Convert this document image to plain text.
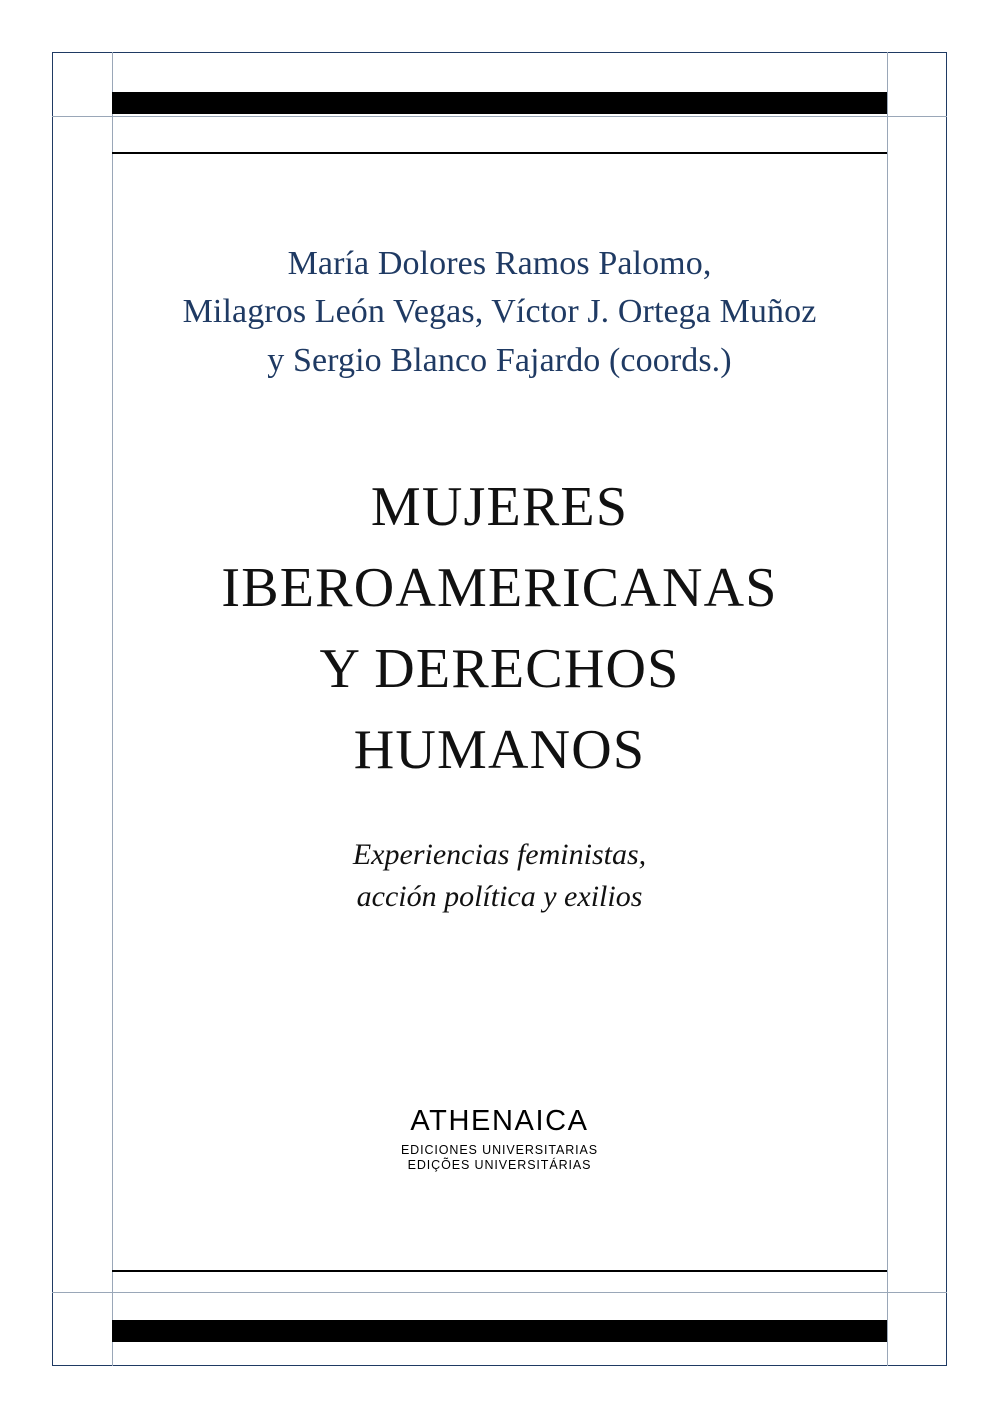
María Dolores Ramos Palomo,
Milagros León Vegas, Víctor J. Ortega Muñoz
y Sergio Blanco Fajardo (coords.)
MUJERES
IBEROAMERICANAS
Y DERECHOS
HUMANOS
Experiencias feministas,
acción política y exilios
ATHENAICA
EDICIONES UNIVERSITARIAS
EDIÇÕES UNIVERSITÁRIAS
